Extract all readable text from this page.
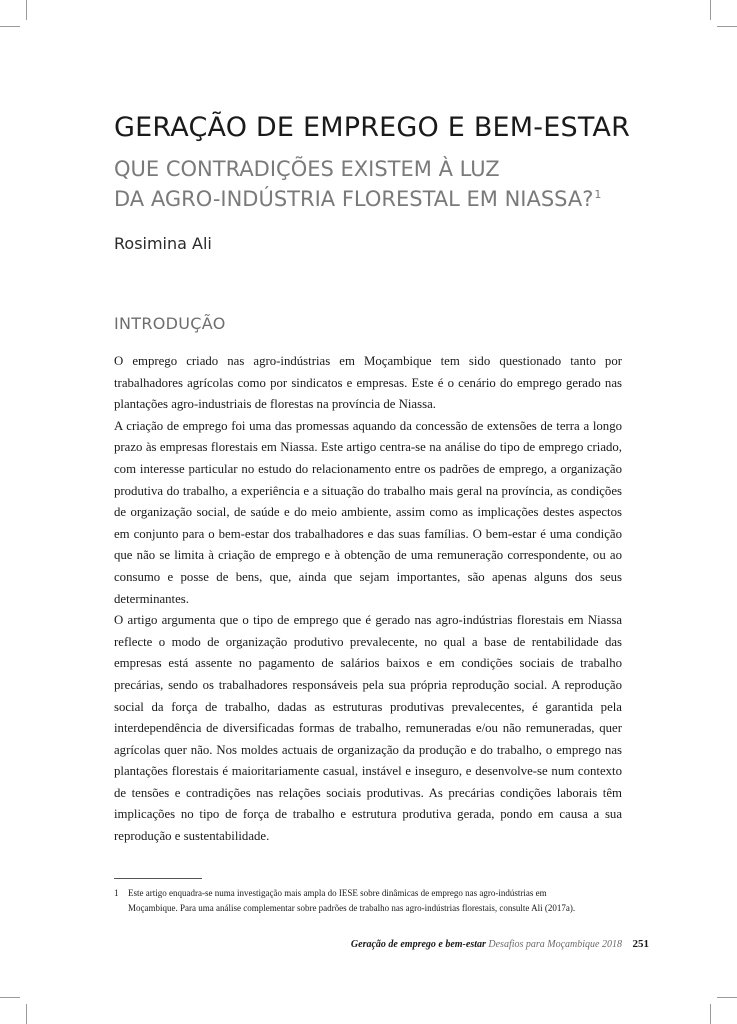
GERAÇÃO DE EMPREGO E BEM-ESTAR
QUE CONTRADIÇÕES EXISTEM À LUZ
DA AGRO-INDÚSTRIA FLORESTAL EM NIASSA?$^1$
Rosimina Ali
INTRODUÇÃO

O emprego criado nas agro-indústrias em Moçambique tem sido questionado tanto por trabalhadores agrícolas como por sindicatos e empresas. Este é o cenário do emprego gerado nas plantações agro-industriais de florestas na província de Niassa.

A criação de emprego foi uma das promessas aquando da concessão de extensões de terra a longo prazo às empresas florestais em Niassa. Este artigo centra-se na análise do tipo de emprego criado, com interesse particular no estudo do relacionamento entre os padrões de emprego, a organização produtiva do trabalho, a experiência e a situação do trabalho mais geral na província, as condições de organização social, de saúde e do meio ambiente, assim como as implicações destes aspectos em conjunto para o bem-estar dos trabalhadores e das suas famílias. O bem-estar é uma condição que não se limita à criação de emprego e à obtenção de uma remuneração correspondente, ou ao consumo e posse de bens, que, ainda que sejam importantes, são apenas alguns dos seus determinantes.

O artigo argumenta que o tipo de emprego que é gerado nas agro-indústrias florestais em Niassa reflecte o modo de organização produtivo prevalecente, no qual a base de rentabilidade das empresas está assente no pagamento de salários baixos e em condições sociais de trabalho precárias, sendo os trabalhadores responsáveis pela sua própria reprodução social. A reprodução social da força de trabalho, dadas as estruturas produtivas prevalecentes, é garantida pela interdependência de diversificadas formas de trabalho, remuneradas e/ou não remuneradas, quer agrícolas quer não. Nos moldes actuais de organização da produção e do trabalho, o emprego nas plantações florestais é maioritariamente casual, instável e inseguro, e desenvolve-se num contexto de tensões e contradições nas relações sociais produtivas. As precárias condições laborais têm implicações no tipo de força de trabalho e estrutura produtiva gerada, pondo em causa a sua reprodução e sustentabilidade.

1 Este artigo enquadra-se numa investigação mais ampla do IESE sobre dinâmicas de emprego nas agro-indústrias em
Moçambique. Para uma análise complementar sobre padrões de trabalho nas agro-indústrias florestais, consulte Ali (2017a).
Geração de emprego e bem-estar Desafios para Moçambique 2018 251
